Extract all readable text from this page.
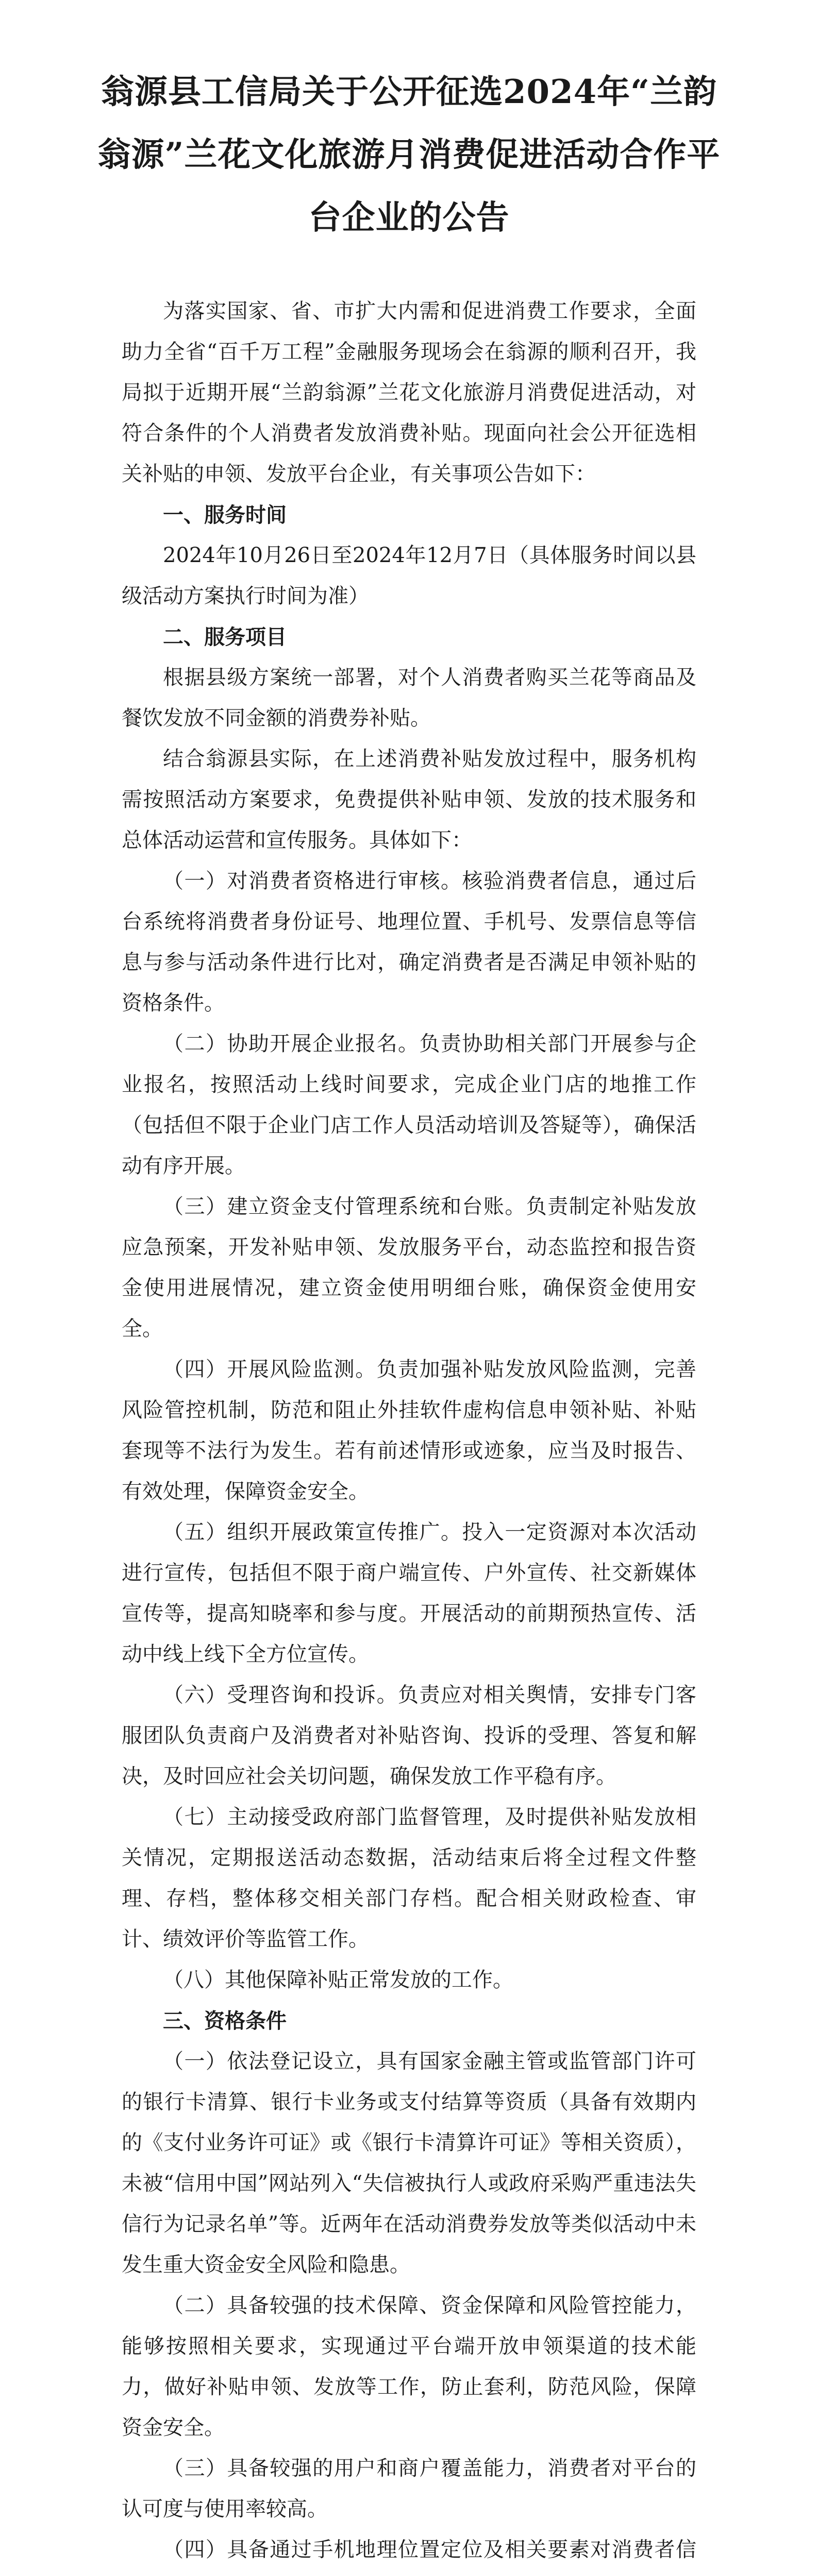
翁源县工信局关于公开征选2024年“兰韵翁源”兰花文化旅游月消费促进活动合作平台企业的公告

为落实国家、省、市扩大内需和促进消费工作要求，全面助力全省“百千万工程”金融服务现场会在翁源的顺利召开，我局拟于近期开展“兰韵翁源”兰花文化旅游月消费促进活动，对符合条件的个人消费者发放消费补贴。现面向社会公开征选相关补贴的申领、发放平台企业，有关事项公告如下：

一、服务时间

2024年10月26日至2024年12月7日（具体服务时间以县级活动方案执行时间为准）

二、服务项目

根据县级方案统一部署，对个人消费者购买兰花等商品及餐饮发放不同金额的消费券补贴。

结合翁源县实际，在上述消费补贴发放过程中，服务机构需按照活动方案要求，免费提供补贴申领、发放的技术服务和总体活动运营和宣传服务。具体如下：

（一）对消费者资格进行审核。核验消费者信息，通过后台系统将消费者身份证号、地理位置、手机号、发票信息等信息与参与活动条件进行比对，确定消费者是否满足申领补贴的资格条件。

（二）协助开展企业报名。负责协助相关部门开展参与企业报名，按照活动上线时间要求，完成企业门店的地推工作（包括但不限于企业门店工作人员活动培训及答疑等），确保活动有序开展。

（三）建立资金支付管理系统和台账。负责制定补贴发放应急预案，开发补贴申领、发放服务平台，动态监控和报告资金使用进展情况，建立资金使用明细台账，确保资金使用安全。

（四）开展风险监测。负责加强补贴发放风险监测，完善风险管控机制，防范和阻止外挂软件虚构信息申领补贴、补贴套现等不法行为发生。若有前述情形或迹象，应当及时报告、有效处理，保障资金安全。

（五）组织开展政策宣传推广。投入一定资源对本次活动进行宣传，包括但不限于商户端宣传、户外宣传、社交新媒体宣传等，提高知晓率和参与度。开展活动的前期预热宣传、活动中线上线下全方位宣传。

（六）受理咨询和投诉。负责应对相关舆情，安排专门客服团队负责商户及消费者对补贴咨询、投诉的受理、答复和解决，及时回应社会关切问题，确保发放工作平稳有序。

（七）主动接受政府部门监督管理，及时提供补贴发放相关情况，定期报送活动态数据，活动结束后将全过程文件整理、存档，整体移交相关部门存档。配合相关财政检查、审计、绩效评价等监管工作。

（八）其他保障补贴正常发放的工作。

三、资格条件

（一）依法登记设立，具有国家金融主管或监管部门许可的银行卡清算、银行卡业务或支付结算等资质（具备有效期内的《支付业务许可证》或《银行卡清算许可证》等相关资质），未被“信用中国”网站列入“失信被执行人或政府采购严重违法失信行为记录名单”等。近两年在活动消费券发放等类似活动中未发生重大资金安全风险和隐患。

（二）具备较强的技术保障、资金保障和风险管控能力，能够按照相关要求，实现通过平台端开放申领渠道的技术能力，做好补贴申领、发放等工作，防止套利，防范风险，保障资金安全。

（三）具备较强的用户和商户覆盖能力，消费者对平台的认可度与使用率较高。

（四）具备通过手机地理位置定位及相关要素对消费者信
